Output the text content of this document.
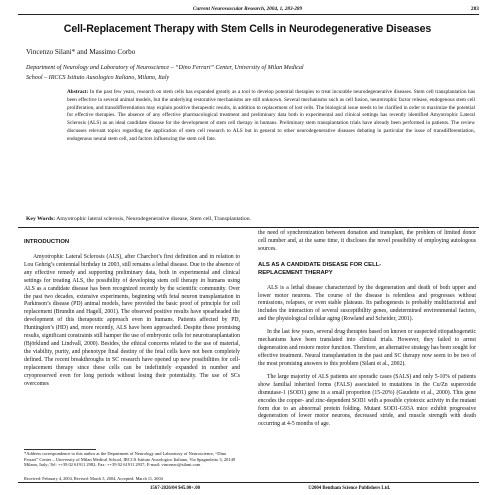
Current Neurovascular Research, 2004, 1, 283-289	283
Cell-Replacement Therapy with Stem Cells in Neurodegenerative Diseases
Vincenzo Silani* and Massimo Corbo
Department of Neurology and Laboratory of Neuroscience – “Dino Ferrari” Center, University of Milan Medical
School – IRCCS Istituto Auxologico Italiano, Milano, Italy
Abstract: In the past few years, research on stem cells has expanded greatly as a tool to develop potential therapies to treat incurable neurodegenerative diseases. Stem cell transplantation has been effective in several animal models, but the underlying restorative mechanisms are still unknown. Several mechanisms such as cell fusion, neurotrophic factor release, endogenous stem cell proliferation, and transdifferentiation may explain positive therapeutic results, in addition to replacement of lost cells. The biological issue needs to be clarified in order to maximize the potential for effective therapies. The absence of any effective pharmacological treatment and preliminary data both in experimental and clinical settings has recently identified Amyotrophic Lateral Sclerosis (ALS) as an ideal candidate disease for the development of stem cell therapy in humans. Preliminary stem transplantation trials have already been performed in patients. The review discusses relevant topics regarding the application of stem cell research to ALS but in general to other neurodegenerative diseases debating in particular the issue of transdifferentiation, endogenous neural stem cell, and factors influencing the stem cell fate.
Key Words: Amyotrophic lateral sclerosis, Neurodegenerative disease, Stem cell, Transplantation.
INTRODUCTION

Amyotrophic Lateral Sclerosis (ALS), after Charchot’s first definition and in relation to Lou Gehrig’s centennial birthday in 2003, still remains a lethal disease. Due to the absence of any effective remedy and supporting preliminary data, both in experimental and clinical settings for treating ALS, the possibility of developing stem cell therapy in humans using ALS as a candidate disease has been recognized recently by the scientific community. Over the past two decades, extensive experiments, beginning with fetal neuron transplantation in Parkinson’s disease (PD) animal models, have provided the basic proof of principle for cell replacement (Brundin and Hagell, 2001). The observed positive results have spearheaded the development of this therapeutic approach even in humans. Patients affected by PD, Huntington’s (HD) and, more recently, ALS have been approached. Despite these promising results, significant constraints still hamper the use of embryonic cells for neurotransplantation (Björklund and Lindvall, 2000). Besides, the ethical concerns related to the use of material, the viability, purity, and phenotype final destiny of the fetal cells have not been completely defined. The recent breakthroughs in SC research have opened up new possibilities for cell-replacement therapy since these cells can be indefinitely expanded in number and cryopreserved even for long periods without losing their potentiality. The use of SCs overcomes

the need of synchronization between donation and transplant, the problem of limited donor cell number and, at the same time, it discloses the novel possibility of employing autologous sources.

ALS AS A CANDIDATE DISEASE FOR CELL-
REPLACEMENT THERAPY

ALS is a lethal disease characterized by the degeneration and death of both upper and lower motor neurons. The course of the disease is relentless and progresses without remissions, relapses, or even stable plateaus. Its pathogenesis is probably multifactorial and includes the interaction of several susceptibility genes, undetermined environmental factors, and the physiological cellular aging (Rowland and Scheider, 2001).

In the last few years, several drug therapies based on known or suspected etiopathogenetic mechanisms have been translated into clinical trials. However, they failed to arrest degeneration and restore motor function. Therefore, an alternative strategy has been sought for effective treatment. Neural transplantation in the past and SC therapy now seem to be two of the most promising answers to this problem (Silani et al., 2002).

The large majority of ALS patients are sporadic cases (SALS) and only 5-10% of patients show familial inherited forms (FALS) associated to mutations in the Cu/Zn superoxide dismutase-1 (SOD1) gene in a small proportion (15-20%) (Gaudette et al., 2000). This gene encodes the copper- and zinc-dependent SOD1 with a possible cytotoxic activity in the mutant form due to an abnormal protein folding. Mutant SOD1-G93A mice exhibit progressive degeneration of lower motor neurons, decreased stride, and muscle strength with death occurring at 4-5 months of age.

*Address correspondence to this author at the Department of Neurology and Laboratory of Neuroscience, “Dino Ferrari” Center – University of Milan Medical School, IRCCS Istituto Auxologico Italiano, Via Spagnoletto 3, 20149 Milano, Italy; Tel: ++39 02 61911 2982; Fax: ++39 02 61911 2937; E-mail: vincenzo@silani.com
Received: February 4, 2004, Revised: March 5, 2004, Accepted: March 11, 2004
1567-2026/04 $45.00+.00	©2004 Bentham Science Publishers Ltd.
